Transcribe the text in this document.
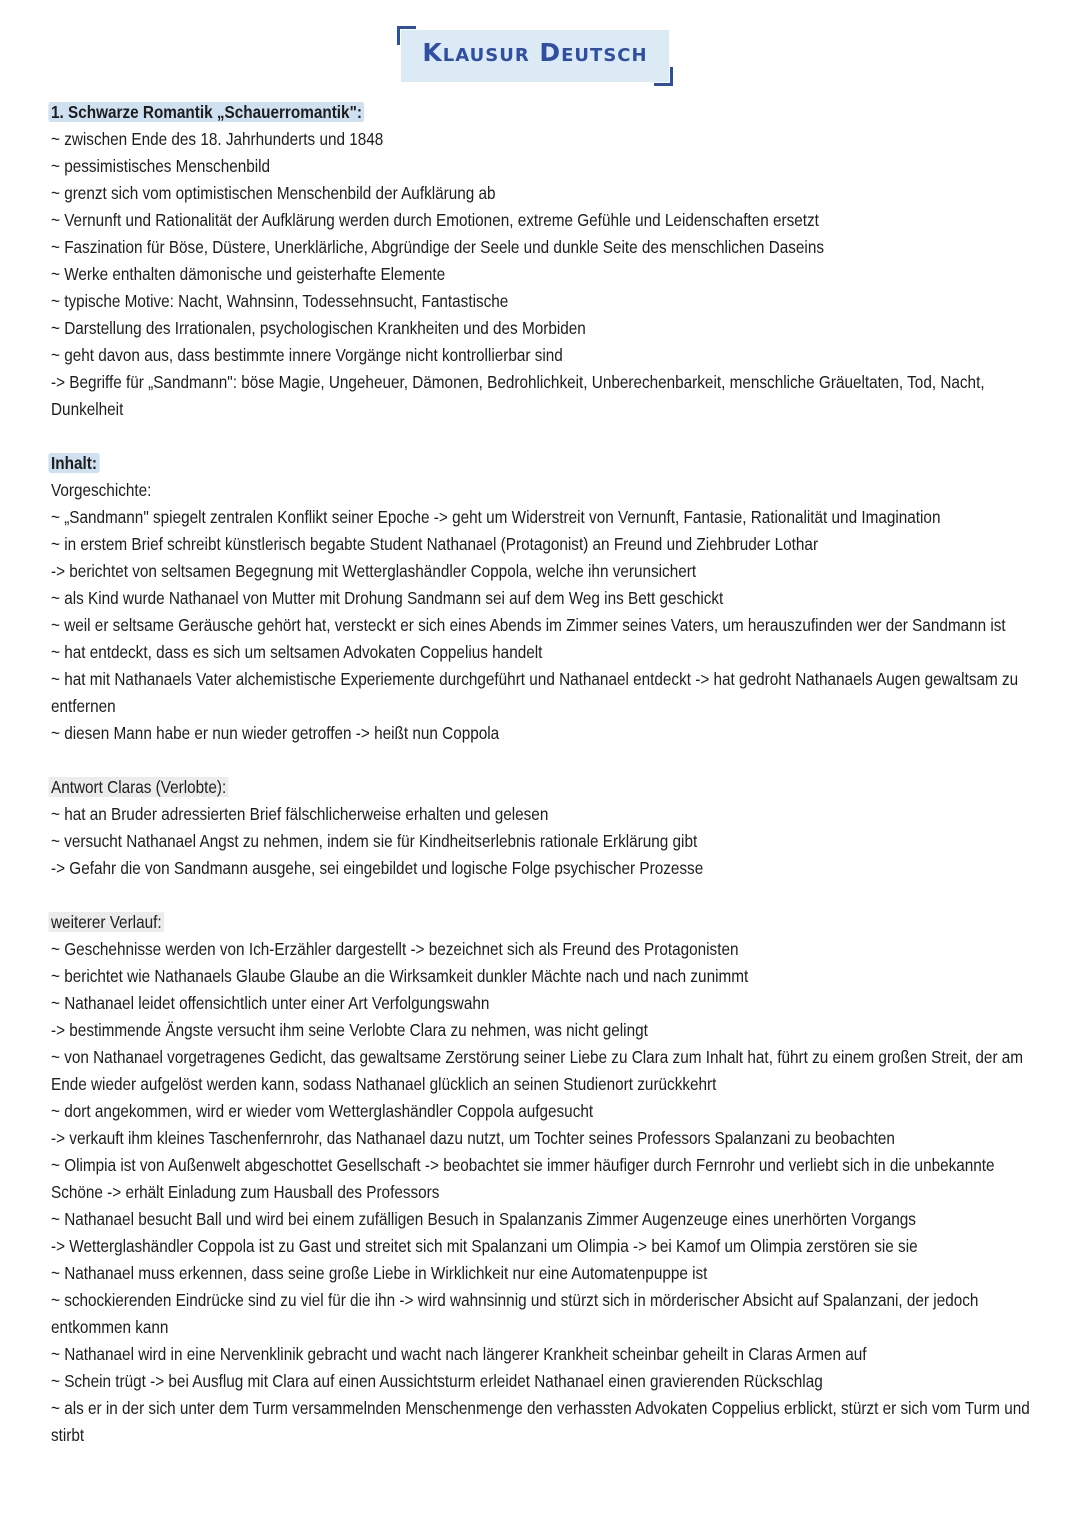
Klausur Deutsch
1. Schwarze Romantik „Schauerromantik":
~ zwischen Ende des 18. Jahrhunderts und 1848
~ pessimistisches Menschenbild
~ grenzt sich vom optimistischen Menschenbild der Aufklärung ab
~ Vernunft und Rationalität der Aufklärung werden durch Emotionen, extreme Gefühle und Leidenschaften ersetzt
~ Faszination für Böse, Düstere, Unerklärliche, Abgründige der Seele und dunkle Seite des menschlichen Daseins
~ Werke enthalten dämonische und geisterhafte Elemente
~ typische Motive: Nacht, Wahnsinn, Todessehnsucht, Fantastische
~ Darstellung des Irrationalen, psychologischen Krankheiten und des Morbiden
~ geht davon aus, dass bestimmte innere Vorgänge nicht kontrollierbar sind
-> Begriffe für „Sandmann": böse Magie, Ungeheuer, Dämonen, Bedrohlichkeit, Unberechenbarkeit, menschliche Gräueltaten, Tod, Nacht, Dunkelheit
Inhalt:
Vorgeschichte:
~ „Sandmann" spiegelt zentralen Konflikt seiner Epoche -> geht um Widerstreit von Vernunft, Fantasie, Rationalität und Imagination
~ in erstem Brief schreibt künstlerisch begabte Student Nathanael (Protagonist) an Freund und Ziehbruder Lothar
-> berichtet von seltsamen Begegnung mit Wetterglashändler Coppola, welche ihn verunsichert
~ als Kind wurde Nathanael von Mutter mit Drohung Sandmann sei auf dem Weg ins Bett geschickt
~ weil er seltsame Geräusche gehört hat, versteckt er sich eines Abends im Zimmer seines Vaters, um herauszufinden wer der Sandmann ist
~ hat entdeckt, dass es sich um seltsamen Advokaten Coppelius handelt
~ hat mit Nathanaels Vater alchemistische Experiemente durchgeführt und Nathanael entdeckt -> hat gedroht Nathanaels Augen gewaltsam zu entfernen
~ diesen Mann habe er nun wieder getroffen -> heißt nun Coppola
Antwort Claras (Verlobte):
~ hat an Bruder adressierten Brief fälschlicherweise erhalten und gelesen
~ versucht Nathanael Angst zu nehmen, indem sie für Kindheitserlebnis rationale Erklärung gibt
-> Gefahr die von Sandmann ausgehe, sei eingebildet und logische Folge psychischer Prozesse
weiterer Verlauf:
~ Geschehnisse werden von Ich-Erzähler dargestellt -> bezeichnet sich als Freund des Protagonisten
~ berichtet wie Nathanaels Glaube Glaube an die Wirksamkeit dunkler Mächte nach und nach zunimmt
~ Nathanael leidet offensichtlich unter einer Art Verfolgungswahn
-> bestimmende Ängste versucht ihm seine Verlobte Clara zu nehmen, was nicht gelingt
~ von Nathanael vorgetragenes Gedicht, das gewaltsame Zerstörung seiner Liebe zu Clara zum Inhalt hat, führt zu einem großen Streit, der am Ende wieder aufgelöst werden kann, sodass Nathanael glücklich an seinen Studienort zurückkehrt
~ dort angekommen, wird er wieder vom Wetterglashändler Coppola aufgesucht
-> verkauft ihm kleines Taschenfernrohr, das Nathanael dazu nutzt, um Tochter seines Professors Spalanzani zu beobachten
~ Olimpia ist von Außenwelt abgeschottet Gesellschaft -> beobachtet sie immer häufiger durch Fernrohr und verliebt sich in die unbekannte Schöne -> erhält Einladung zum Hausball des Professors
~ Nathanael besucht Ball und wird bei einem zufälligen Besuch in Spalanzanis Zimmer Augenzeuge eines unerhörten Vorgangs
-> Wetterglashändler Coppola ist zu Gast und streitet sich mit Spalanzani um Olimpia -> bei Kamof um Olimpia zerstören sie sie
~ Nathanael muss erkennen, dass seine große Liebe in Wirklichkeit nur eine Automatenpuppe ist
~ schockierenden Eindrücke sind zu viel für die ihn -> wird wahnsinnig und stürzt sich in mörderischer Absicht auf Spalanzani, der jedoch entkommen kann
~ Nathanael wird in eine Nervenklinik gebracht und wacht nach längerer Krankheit scheinbar geheilt in Claras Armen auf
~ Schein trügt -> bei Ausflug mit Clara auf einen Aussichtsturm erleidet Nathanael einen gravierenden Rückschlag
~ als er in der sich unter dem Turm versammelnden Menschenmenge den verhassten Advokaten Coppelius erblickt, stürzt er sich vom Turm und stirbt
